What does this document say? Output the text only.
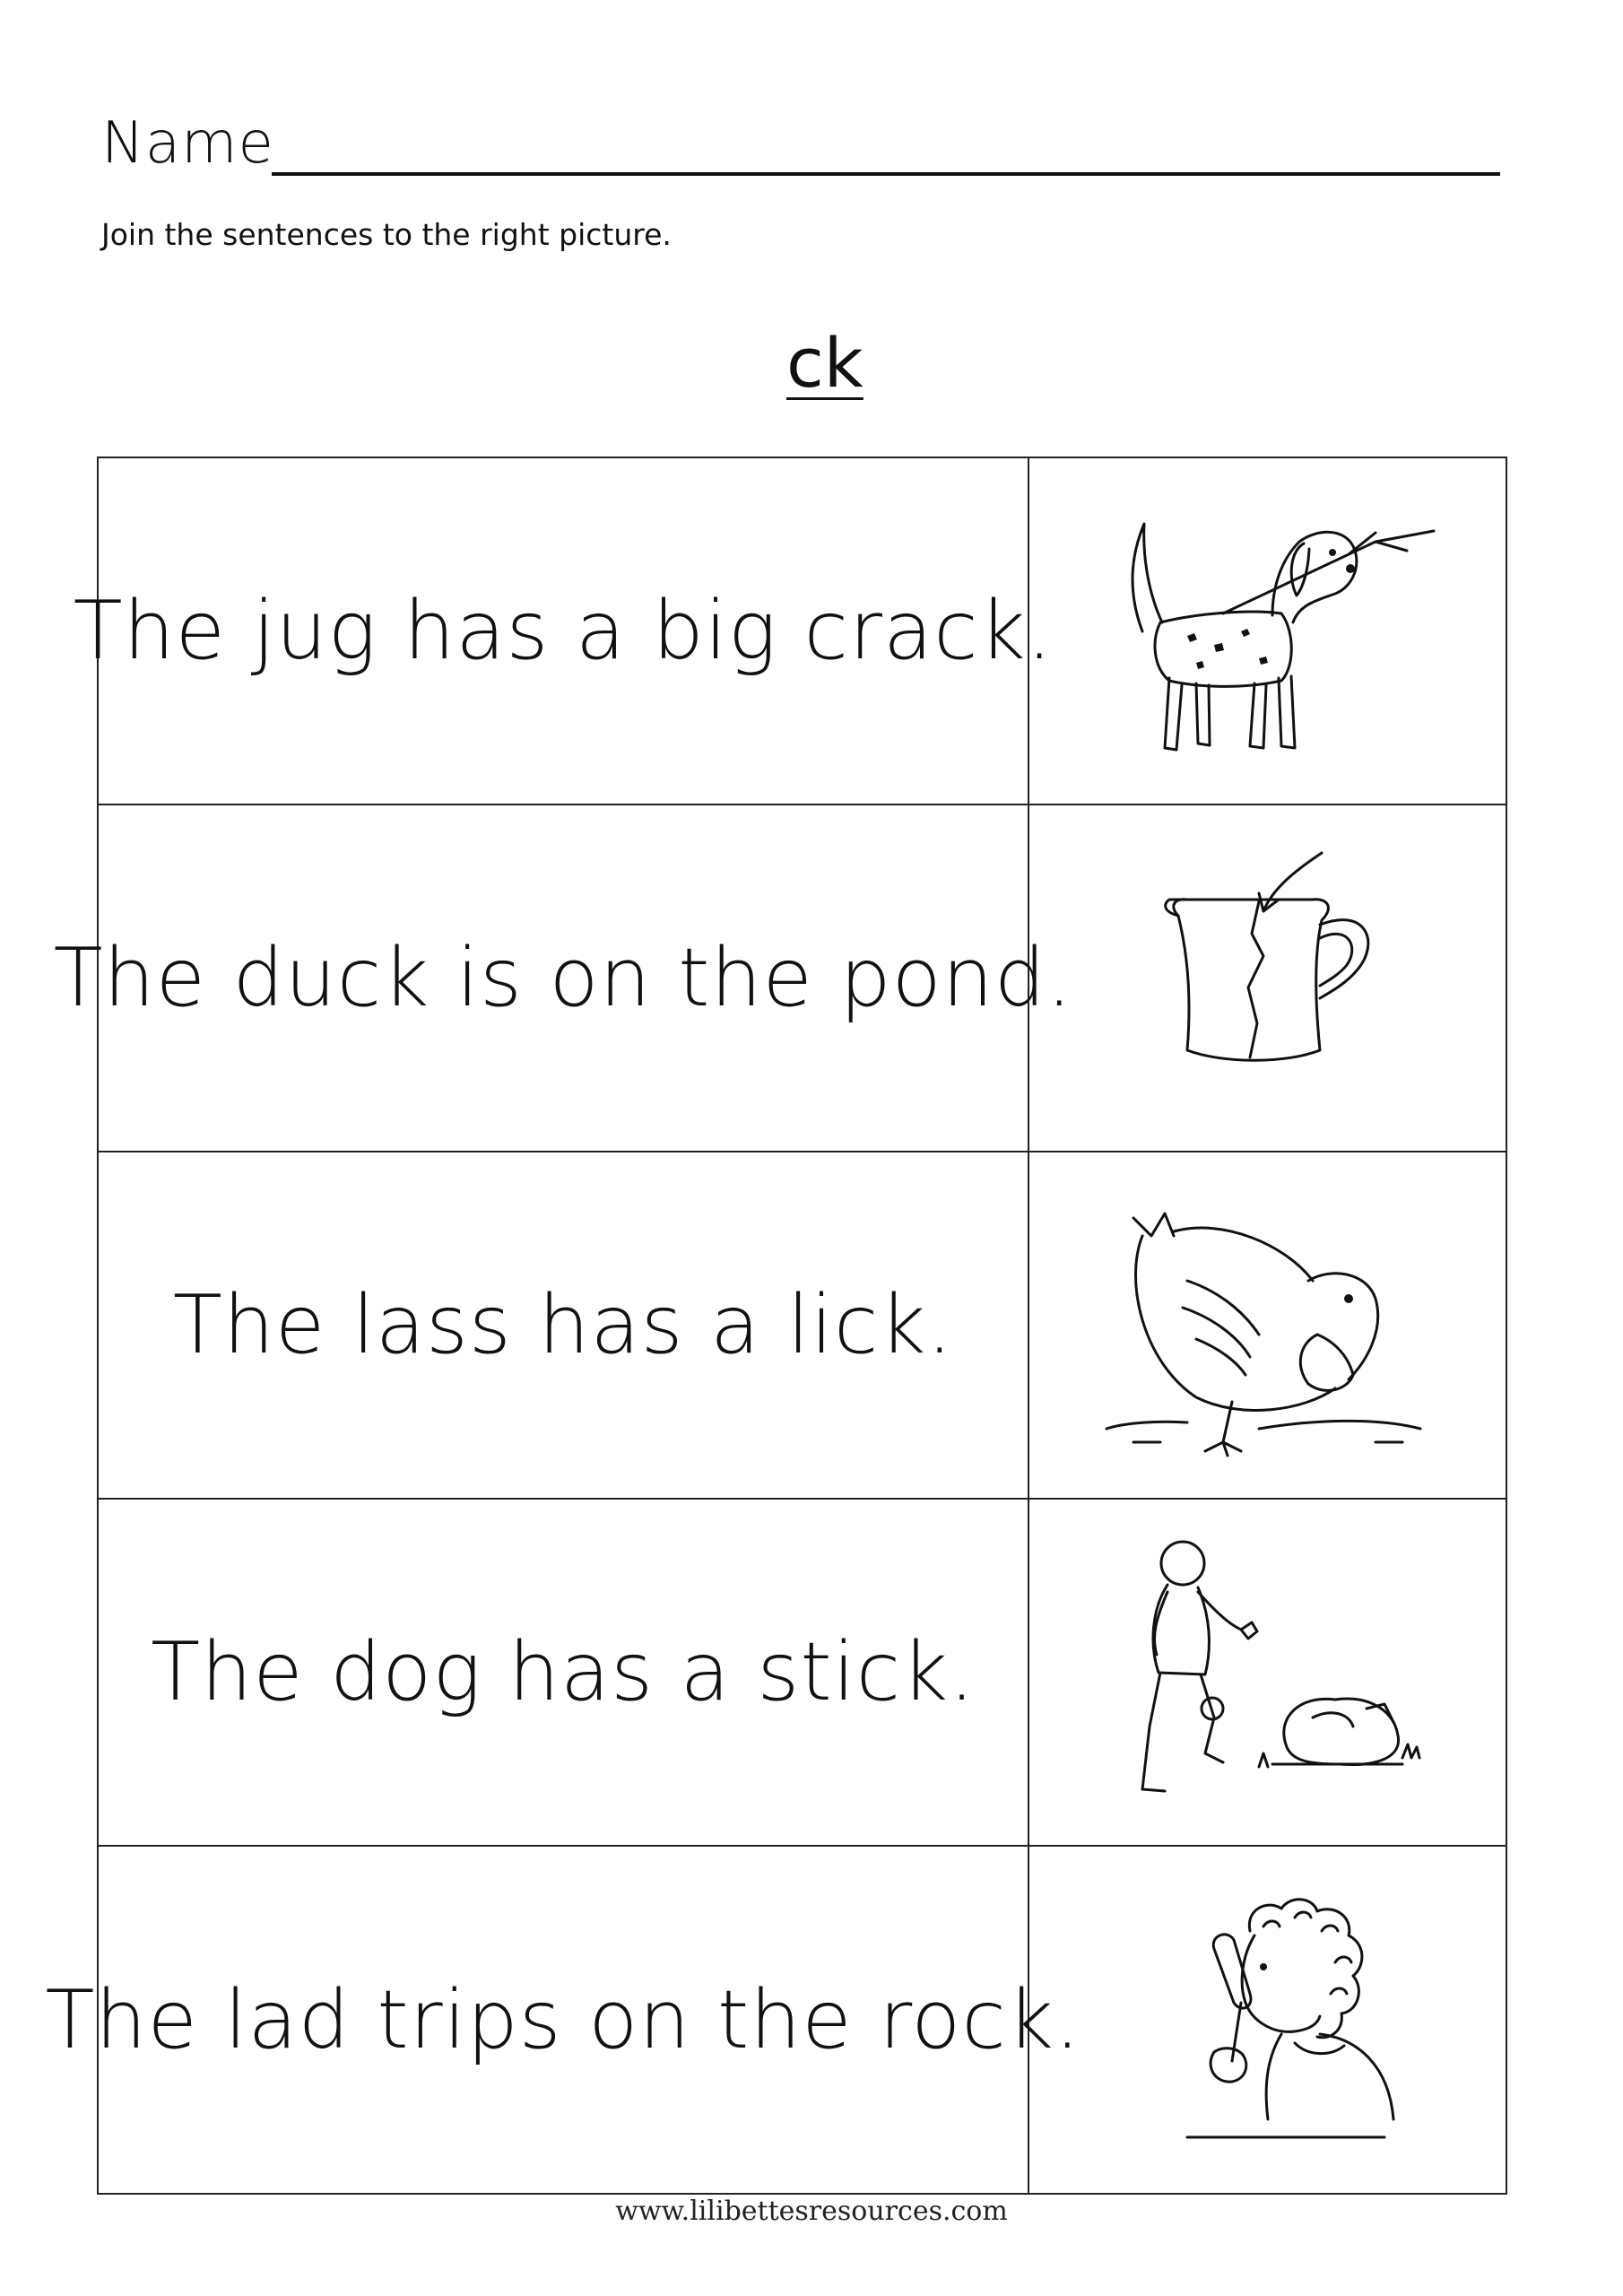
Name
Join the sentences to the right picture.
ck
The jug has a big crack.
The duck is on the pond.
The lass has a lick.
The dog has a stick.
The lad trips on the rock.
www.lilibettesresources.com
